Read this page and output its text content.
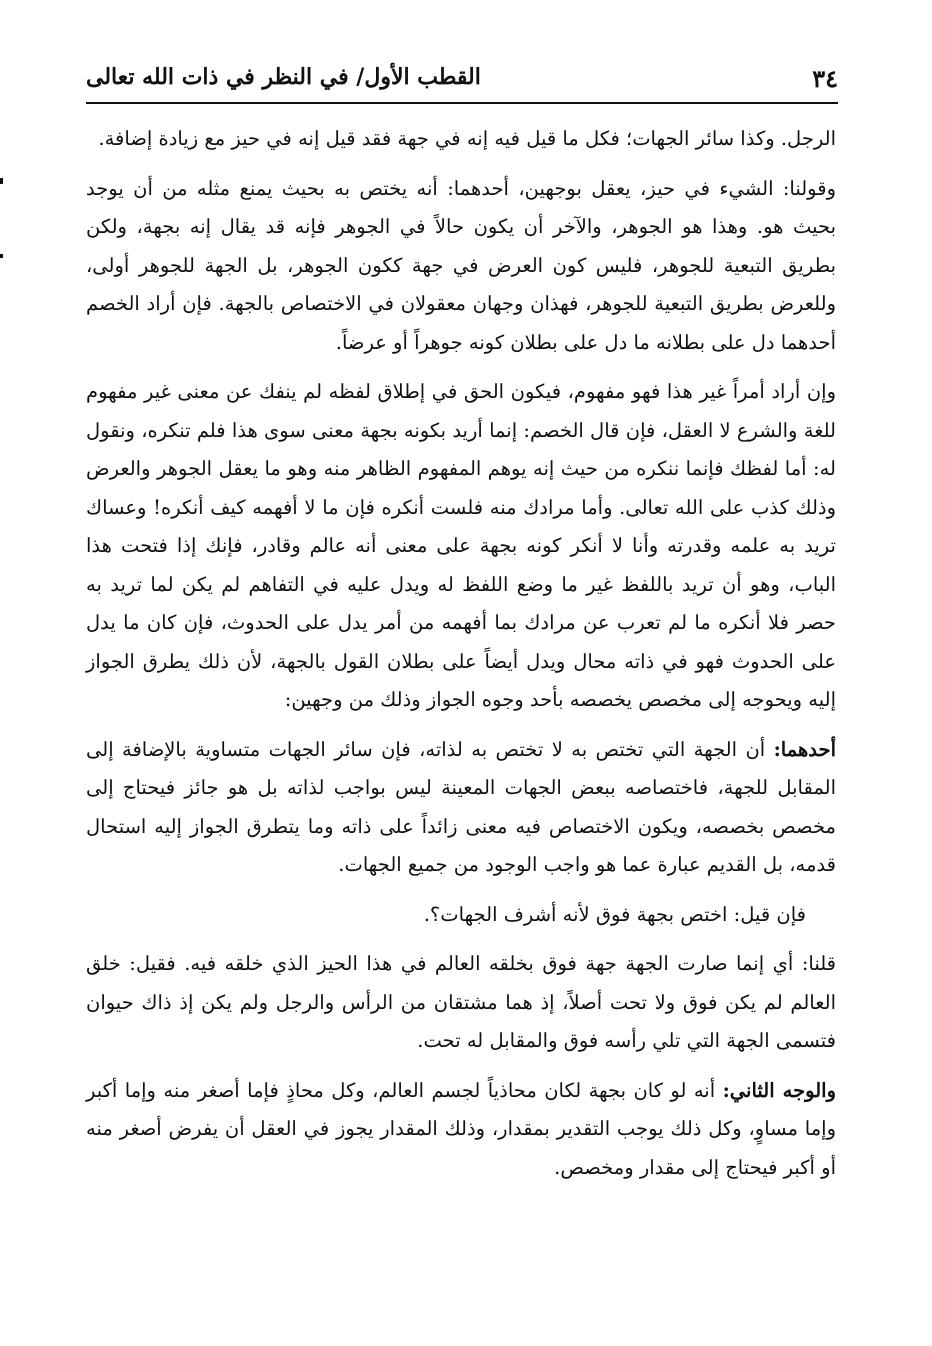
٣٤
القطب الأول/ في النظر في ذات الله تعالى

الرجل. وكذا سائر الجهات؛ فكل ما قيل فيه إنه في جهة فقد قيل إنه في حيز مع زيادة إضافة.

وقولنا: الشيء في حيز، يعقل بوجهين، أحدهما: أنه يختص به بحيث يمنع مثله من أن يوجد بحيث هو. وهذا هو الجوهر، والآخر أن يكون حالاً في الجوهر فإنه قد يقال إنه بجهة، ولكن بطريق التبعية للجوهر، فليس كون العرض في جهة ككون الجوهر، بل الجهة للجوهر أولى، وللعرض بطريق التبعية للجوهر، فهذان وجهان معقولان في الاختصاص بالجهة. فإن أراد الخصم أحدهما دل على بطلانه ما دل على بطلان كونه جوهراً أو عرضاً.

وإن أراد أمراً غير هذا فهو مفهوم، فيكون الحق في إطلاق لفظه لم ينفك عن معنى غير مفهوم للغة والشرع لا العقل، فإن قال الخصم: إنما أريد بكونه بجهة معنى سوى هذا فلم تنكره، ونقول له: أما لفظك فإنما ننكره من حيث إنه يوهم المفهوم الظاهر منه وهو ما يعقل الجوهر والعرض وذلك كذب على الله تعالى. وأما مرادك منه فلست أنكره فإن ما لا أفهمه كيف أنكره! وعساك تريد به علمه وقدرته وأنا لا أنكر كونه بجهة على معنى أنه عالم وقادر، فإنك إذا فتحت هذا الباب، وهو أن تريد باللفظ غير ما وضع اللفظ له ويدل عليه في التفاهم لم يكن لما تريد به حصر فلا أنكره ما لم تعرب عن مرادك بما أفهمه من أمر يدل على الحدوث، فإن كان ما يدل على الحدوث فهو في ذاته محال ويدل أيضاً على بطلان القول بالجهة، لأن ذلك يطرق الجواز إليه ويحوجه إلى مخصص يخصصه بأحد وجوه الجواز وذلك من وجهين:

أحدهما: أن الجهة التي تختص به لا تختص به لذاته، فإن سائر الجهات متساوية بالإضافة إلى المقابل للجهة، فاختصاصه ببعض الجهات المعينة ليس بواجب لذاته بل هو جائز فيحتاج إلى مخصص بخصصه، ويكون الاختصاص فيه معنى زائداً على ذاته وما يتطرق الجواز إليه استحال قدمه، بل القديم عبارة عما هو واجب الوجود من جميع الجهات.

فإن قيل: اختص بجهة فوق لأنه أشرف الجهات؟.

قلنا: أي إنما صارت الجهة جهة فوق بخلقه العالم في هذا الحيز الذي خلقه فيه. فقيل: خلق العالم لم يكن فوق ولا تحت أصلاً، إذ هما مشتقان من الرأس والرجل ولم يكن إذ ذاك حيوان فتسمى الجهة التي تلي رأسه فوق والمقابل له تحت.

والوجه الثاني: أنه لو كان بجهة لكان محاذياً لجسم العالم، وكل محاذٍ فإما أصغر منه وإما أكبر وإما مساوٍ، وكل ذلك يوجب التقدير بمقدار، وذلك المقدار يجوز في العقل أن يفرض أصغر منه أو أكبر فيحتاج إلى مقدار ومخصص.
